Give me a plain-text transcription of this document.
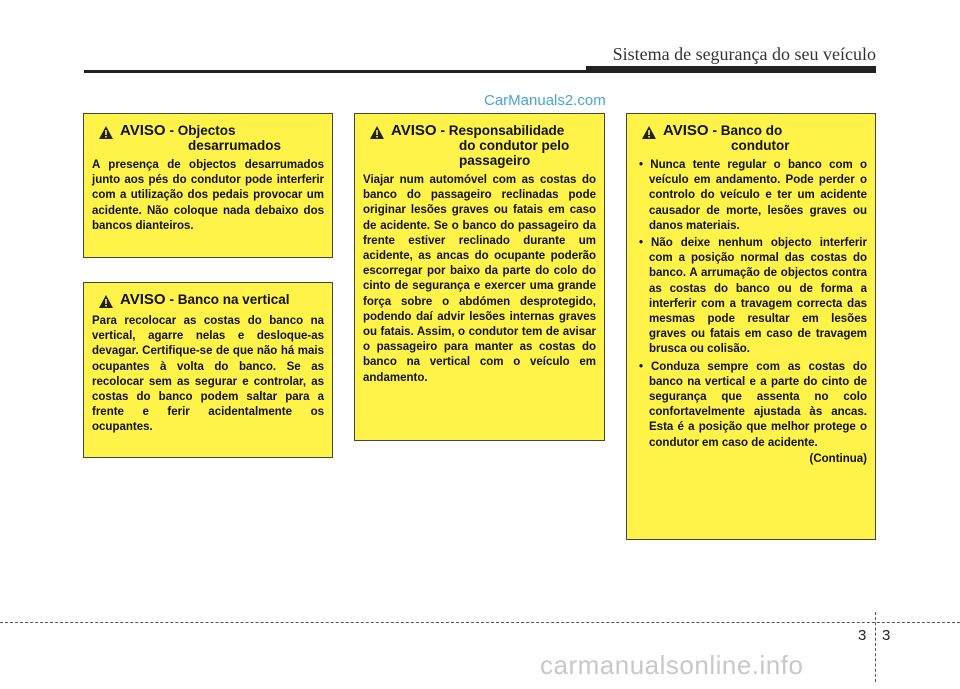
Sistema de segurança do seu veículo
CarManuals2.com
AVISO - Objectos
desarrumados

A presença de objectos desarrumados junto aos pés do condutor pode interferir com a utilização dos pedais provocar um acidente. Não coloque nada debaixo dos bancos dianteiros.

AVISO - Banco na vertical

Para recolocar as costas do banco na vertical, agarre nelas e desloque-as devagar. Certifique-se de que não há mais ocupantes à volta do banco. Se as recolocar sem as segurar e controlar, as costas do banco podem saltar para a frente e ferir acidentalmente os ocupantes.

AVISO - Responsabilidade
do condutor pelo
passageiro

Viajar num automóvel com as costas do banco do passageiro reclinadas pode originar lesões graves ou fatais em caso de acidente. Se o banco do passageiro da frente estiver reclinado durante um acidente, as ancas do ocupante poderão escorregar por baixo da parte do colo do cinto de segurança e exercer uma grande força sobre o abdómen desprotegido, podendo daí advir lesões internas graves ou fatais. Assim, o condutor tem de avisar o passageiro para manter as costas do banco na vertical com o veículo em andamento.

AVISO - Banco do
condutor
• Nunca tente regular o banco com o veículo em andamento. Pode perder o controlo do veículo e ter um acidente causador de morte, lesões graves ou danos materiais.
• Não deixe nenhum objecto interferir com a posição normal das costas do banco. A arrumação de objectos contra as costas do banco ou de forma a interferir com a travagem correcta das mesmas pode resultar em lesões graves ou fatais em caso de travagem brusca ou colisão.
• Conduza sempre com as costas do banco na vertical e a parte do cinto de segurança que assenta no colo confortavelmente ajustada às ancas. Esta é a posição que melhor protege o condutor em caso de acidente.
(Continua)
3 3
carmanualsonline.info
